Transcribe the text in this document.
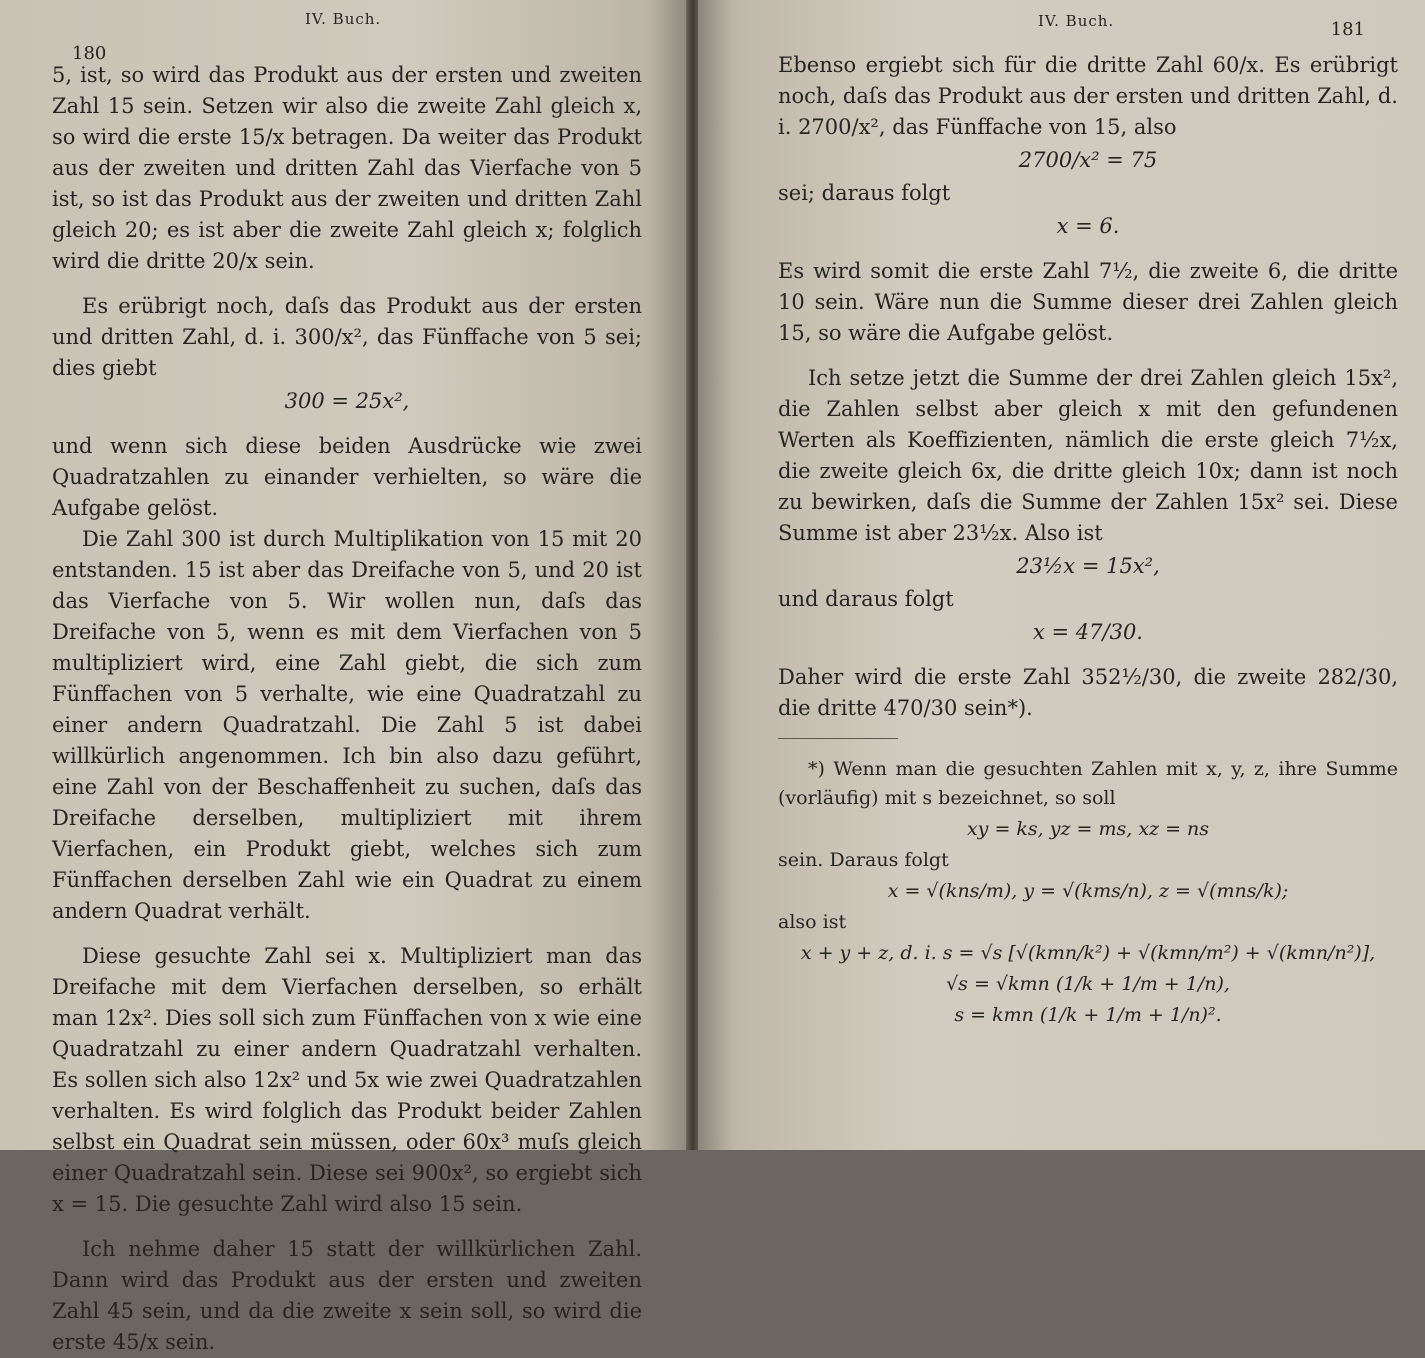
IV. Buch.
180

5, ist, so wird das Produkt aus der ersten und zweiten Zahl 15 sein. Setzen wir also die zweite Zahl gleich x, so wird die erste 15/x betragen. Da weiter das Produkt aus der zweiten und dritten Zahl das Vierfache von 5 ist, so ist das Produkt aus der zweiten und dritten Zahl gleich 20; es ist aber die zweite Zahl gleich x; folglich wird die dritte 20/x sein.

Es erübrigt noch, daſs das Produkt aus der ersten und dritten Zahl, d. i. 300/x², das Fünffache von 5 sei; dies giebt

300 = 25x²,

und wenn sich diese beiden Ausdrücke wie zwei Quadratzahlen zu einander verhielten, so wäre die Aufgabe gelöst.

Die Zahl 300 ist durch Multiplikation von 15 mit 20 entstanden. 15 ist aber das Dreifache von 5, und 20 ist das Vierfache von 5. Wir wollen nun, daſs das Dreifache von 5, wenn es mit dem Vierfachen von 5 multipliziert wird, eine Zahl giebt, die sich zum Fünffachen von 5 verhalte, wie eine Quadratzahl zu einer andern Quadratzahl. Die Zahl 5 ist dabei willkürlich angenommen. Ich bin also dazu geführt, eine Zahl von der Beschaffenheit zu suchen, daſs das Dreifache derselben, multipliziert mit ihrem Vierfachen, ein Produkt giebt, welches sich zum Fünffachen derselben Zahl wie ein Quadrat zu einem andern Quadrat verhält.

Diese gesuchte Zahl sei x. Multipliziert man das Dreifache mit dem Vierfachen derselben, so erhält man 12x². Dies soll sich zum Fünffachen von x wie eine Quadratzahl zu einer andern Quadratzahl verhalten. Es sollen sich also 12x² und 5x wie zwei Quadratzahlen verhalten. Es wird folglich das Produkt beider Zahlen selbst ein Quadrat sein müssen, oder 60x³ muſs gleich einer Quadratzahl sein. Diese sei 900x², so ergiebt sich x = 15. Die gesuchte Zahl wird also 15 sein.

Ich nehme daher 15 statt der willkürlichen Zahl. Dann wird das Produkt aus der ersten und zweiten Zahl 45 sein, und da die zweite x sein soll, so wird die erste 45/x sein.

IV. Buch.	181

Ebenso ergiebt sich für die dritte Zahl 60/x. Es erübrigt noch, daſs das Produkt aus der ersten und dritten Zahl, d. i. 2700/x², das Fünffache von 15, also

2700/x² = 75

sei; daraus folgt

x = 6.

Es wird somit die erste Zahl 7½, die zweite 6, die dritte 10 sein. Wäre nun die Summe dieser drei Zahlen gleich 15, so wäre die Aufgabe gelöst.

Ich setze jetzt die Summe der drei Zahlen gleich 15x², die Zahlen selbst aber gleich x mit den gefundenen Werten als Koeffizienten, nämlich die erste gleich 7½x, die zweite gleich 6x, die dritte gleich 10x; dann ist noch zu bewirken, daſs die Summe der Zahlen 15x² sei. Diese Summe ist aber 23½x. Also ist

23½x = 15x²,

und daraus folgt

x = 47/30.

Daher wird die erste Zahl 352½/30, die zweite 282/30, die dritte 470/30 sein*).

*) Wenn man die gesuchten Zahlen mit x, y, z, ihre Summe (vorläufig) mit s bezeichnet, so soll

xy = ks, yz = ms, xz = ns

sein. Daraus folgt

x = √(kns/m), y = √(kms/n), z = √(mns/k);

also ist

x + y + z, d. i. s = √s [√(kmn/k²) + √(kmn/m²) + √(kmn/n²)],

√s = √kmn (1/k + 1/m + 1/n),

s = kmn (1/k + 1/m + 1/n)².
